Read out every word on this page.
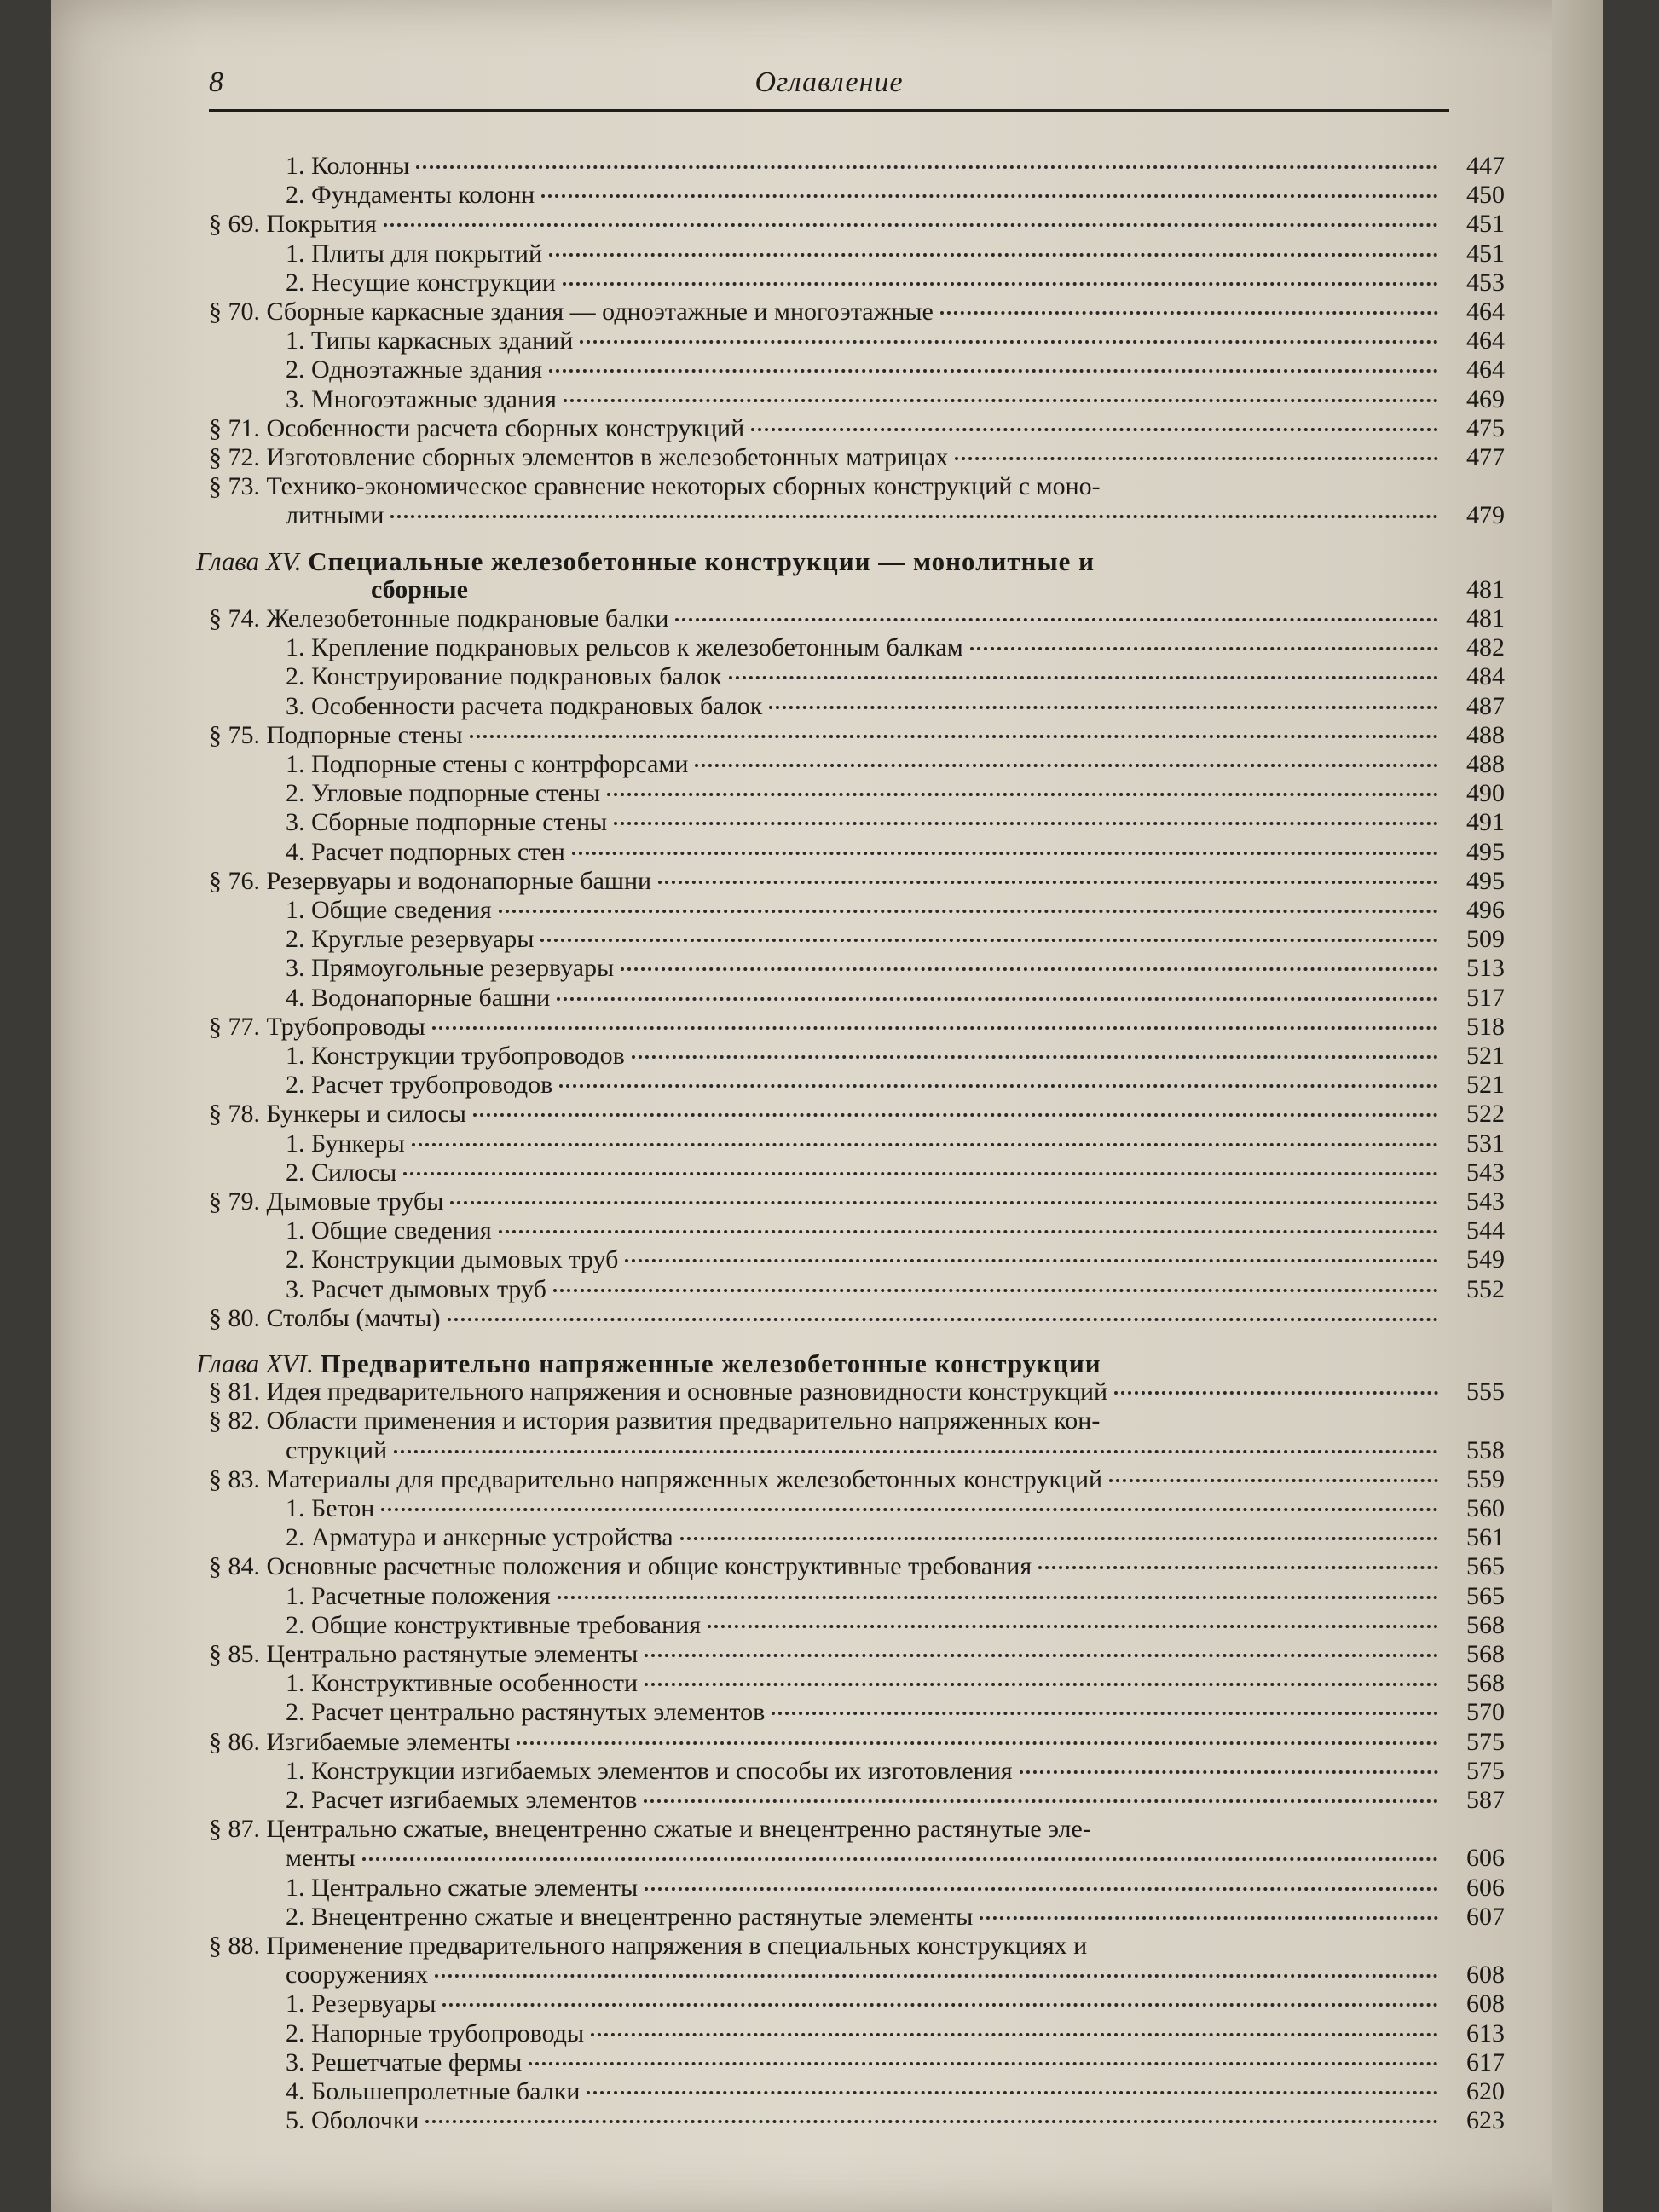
8	Оглавление
1. Колонны	447
2. Фундаменты колонн	450
§ 69. Покрытия	451
1. Плиты для покрытий	451
2. Несущие конструкции	453
§ 70. Сборные каркасные здания — одноэтажные и многоэтажные	464
1. Типы каркасных зданий	464
2. Одноэтажные здания	464
3. Многоэтажные здания	469
§ 71. Особенности расчета сборных конструкций	475
§ 72. Изготовление сборных элементов в железобетонных матрицах	477
§ 73. Технико-экономическое сравнение некоторых сборных конструкций с моно-
литными	479
Глава XV. Специальные железобетонные конструкции — монолитные и
сборные	481
§ 74. Железобетонные подкрановые балки	481
1. Крепление подкрановых рельсов к железобетонным балкам	482
2. Конструирование подкрановых балок	484
3. Особенности расчета подкрановых балок	487
§ 75. Подпорные стены	488
1. Подпорные стены с контрфорсами	488
2. Угловые подпорные стены	490
3. Сборные подпорные стены	491
4. Расчет подпорных стен	495
§ 76. Резервуары и водонапорные башни	495
1. Общие сведения	496
2. Круглые резервуары	509
3. Прямоугольные резервуары	513
4. Водонапорные башни	517
§ 77. Трубопроводы	518
1. Конструкции трубопроводов	521
2. Расчет трубопроводов	521
§ 78. Бункеры и силосы	522
1. Бункеры	531
2. Силосы	543
§ 79. Дымовые трубы	543
1. Общие сведения	544
2. Конструкции дымовых труб	549
3. Расчет дымовых труб	552
§ 80. Столбы (мачты)
Глава XVI. Предварительно напряженные железобетонные конструкции
§ 81. Идея предварительного напряжения и основные разновидности конструкций	555
§ 82. Области применения и история развития предварительно напряженных кон-
струкций	558
§ 83. Материалы для предварительно напряженных железобетонных конструкций	559
1. Бетон	560
2. Арматура и анкерные устройства	561
§ 84. Основные расчетные положения и общие конструктивные требования	565
1. Расчетные положения	565
2. Общие конструктивные требования	568
§ 85. Центрально растянутые элементы	568
1. Конструктивные особенности	568
2. Расчет центрально растянутых элементов	570
§ 86. Изгибаемые элементы	575
1. Конструкции изгибаемых элементов и способы их изготовления	575
2. Расчет изгибаемых элементов	587
§ 87. Центрально сжатые, внецентренно сжатые и внецентренно растянутые эле-
менты	606
1. Центрально сжатые элементы	606
2. Внецентренно сжатые и внецентренно растянутые элементы	607
§ 88. Применение предварительного напряжения в специальных конструкциях и
сооружениях	608
1. Резервуары	608
2. Напорные трубопроводы	613
3. Решетчатые фермы	617
4. Большепролетные балки	620
5. Оболочки	623
